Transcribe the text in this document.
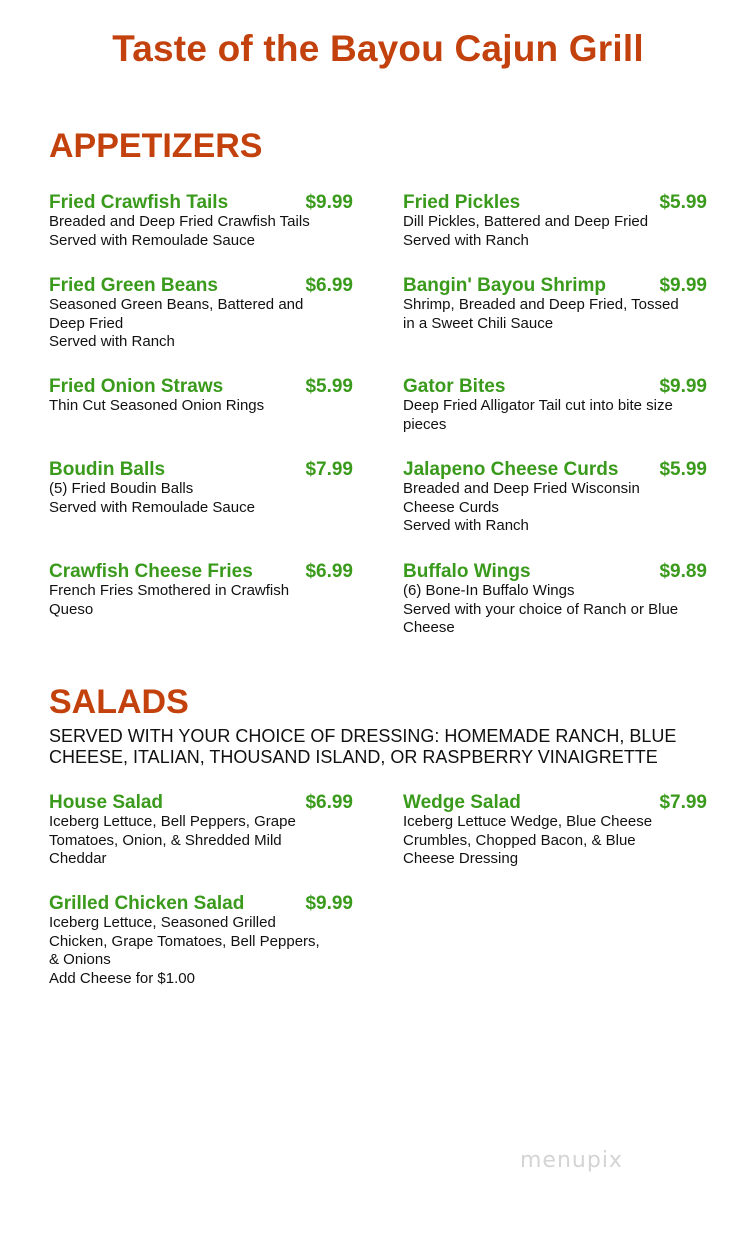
Taste of the Bayou Cajun Grill
APPETIZERS
Fried Crawfish Tails	$9.99
Breaded and Deep Fried Crawfish Tails
Served with Remoulade Sauce
Fried Green Beans	$6.99
Seasoned Green Beans, Battered and
Deep Fried
Served with Ranch
Fried Onion Straws	$5.99
Thin Cut Seasoned Onion Rings
Boudin Balls	$7.99
(5) Fried Boudin Balls
Served with Remoulade Sauce
Crawfish Cheese Fries	$6.99
French Fries Smothered in Crawfish
Queso
Fried Pickles	$5.99
Dill Pickles, Battered and Deep Fried
Served with Ranch
Bangin' Bayou Shrimp	$9.99
Shrimp, Breaded and Deep Fried, Tossed
in a Sweet Chili Sauce
Gator Bites	$9.99
Deep Fried Alligator Tail cut into bite size
pieces
Jalapeno Cheese Curds $5.99
Breaded and Deep Fried Wisconsin
Cheese Curds
Served with Ranch
Buffalo Wings	$9.89
(6) Bone-In Buffalo Wings
Served with your choice of Ranch or Blue
Cheese
SALADS
SERVED WITH YOUR CHOICE OF DRESSING: HOMEMADE RANCH, BLUE CHEESE, ITALIAN, THOUSAND ISLAND, OR RASPBERRY VINAIGRETTE
House Salad	$6.99
Iceberg Lettuce, Bell Peppers, Grape
Tomatoes, Onion, & Shredded Mild
Cheddar
Wedge Salad	$7.99
Iceberg Lettuce Wedge, Blue Cheese
Crumbles, Chopped Bacon, & Blue
Cheese Dressing
Grilled Chicken Salad	$9.99
Iceberg Lettuce, Seasoned Grilled
Chicken, Grape Tomatoes, Bell Peppers,
& Onions
Add Cheese for $1.00
menupix
